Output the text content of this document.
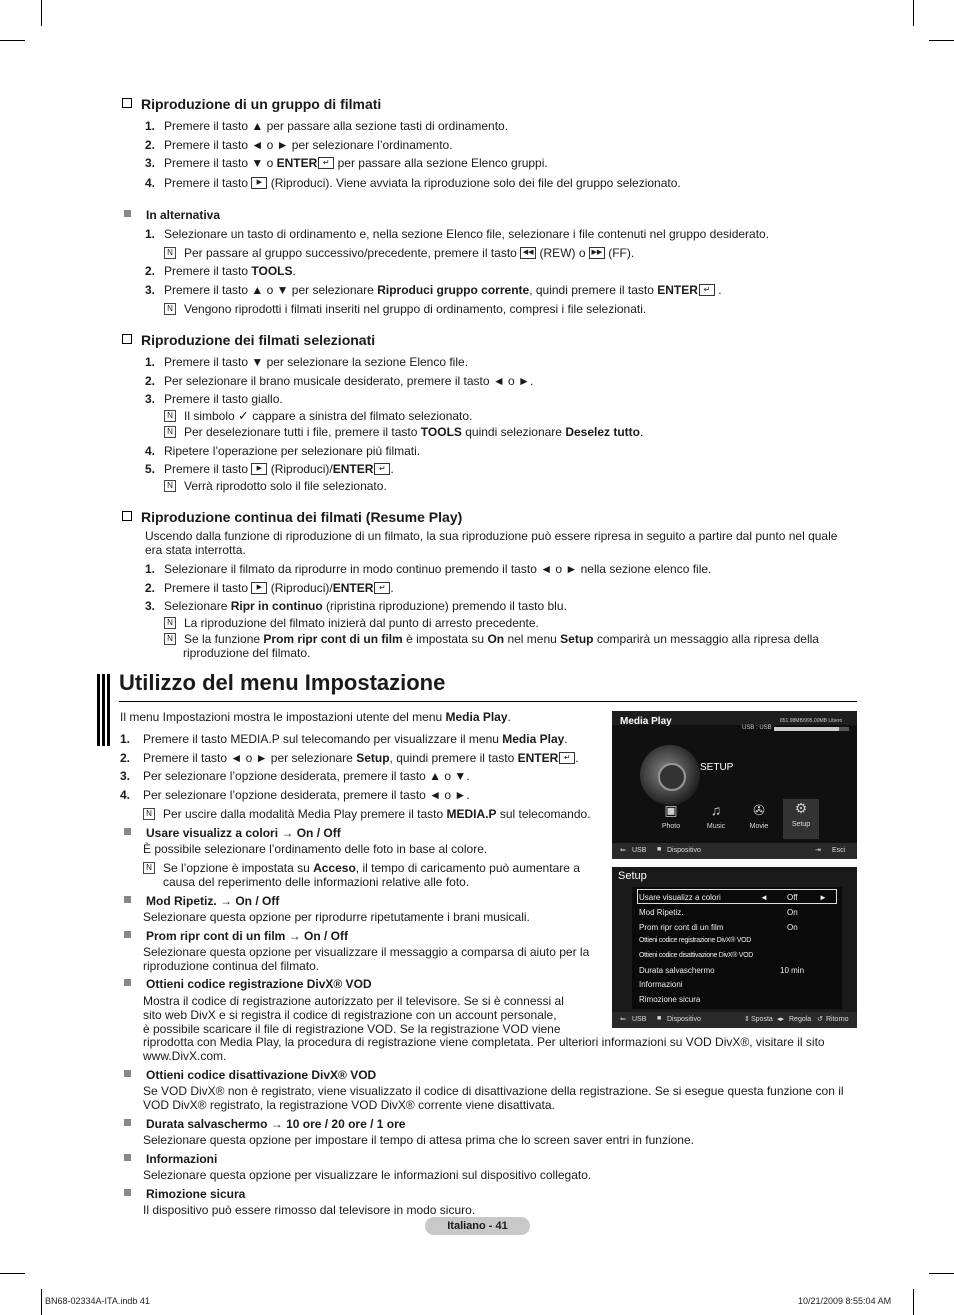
Riproduzione di un gruppo di filmati
1. Premere il tasto ▲ per passare alla sezione tasti di ordinamento.
2. Premere il tasto ◄ o ► per selezionare l’ordinamento.
3. Premere il tasto ▼ o ENTER ↵ per passare alla sezione Elenco gruppi.
4. Premere il tasto ▶ (Riproduci). Viene avviata la riproduzione solo dei file del gruppo selezionato.
In alternativa
1. Selezionare un tasto di ordinamento e, nella sezione Elenco file, selezionare i file contenuti nel gruppo desiderato.
N Per passare al gruppo successivo/precedente, premere il tasto ◀◀ (REW) o ▶▶ (FF).
2. Premere il tasto TOOLS.
3. Premere il tasto ▲ o ▼ per selezionare Riproduci gruppo corrente, quindi premere il tasto ENTER ↵ .
N Vengono riprodotti i filmati inseriti nel gruppo di ordinamento, compresi i file selezionati.
Riproduzione dei filmati selezionati
1. Premere il tasto ▼ per selezionare la sezione Elenco file.
2. Per selezionare il brano musicale desiderato, premere il tasto ◄ o ►.
3. Premere il tasto giallo.
N Il simbolo ✓ cappare a sinistra del filmato selezionato.
N Per deselezionare tutti i file, premere il tasto TOOLS quindi selezionare Deselez tutto.
4. Ripetere l’operazione per selezionare più filmati.
5. Premere il tasto ▶ (Riproduci)/ENTER ↵ .
N Verrà riprodotto solo il file selezionato.
Riproduzione continua dei filmati (Resume Play)
Uscendo dalla funzione di riproduzione di un filmato, la sua riproduzione può essere ripresa in seguito a partire dal punto nel quale
era stata interrotta.
1. Selezionare il filmato da riprodurre in modo continuo premendo il tasto ◄ o ► nella sezione elenco file.
2. Premere il tasto ▶ (Riproduci)/ENTER ↵ .
3. Selezionare Ripr in continuo (ripristina riproduzione) premendo il tasto blu.
N La riproduzione del filmato inizierà dal punto di arresto precedente.
N Se la funzione Prom ripr cont di un film è impostata su On nel menu Setup comparirà un messaggio alla ripresa della
riproduzione del filmato.
Utilizzo del menu Impostazione
Il menu Impostazioni mostra le impostazioni utente del menu Media Play.
1. Premere il tasto MEDIA.P sul telecomando per visualizzare il menu Media Play.
2. Premere il tasto ◄ o ► per selezionare Setup, quindi premere il tasto ENTER ↵ .
3. Per selezionare l’opzione desiderata, premere il tasto ▲ o ▼.
4. Per selezionare l’opzione desiderata, premere il tasto ◄ o ►.
N Per uscire dalla modalità Media Play premere il tasto MEDIA.P sul telecomando.
Usare visualizz a colori → On / Off
È possibile selezionare l’ordinamento delle foto in base al colore.
N Se l’opzione è impostata su Acceso, il tempo di caricamento può aumentare a
causa del reperimento delle informazioni relative alle foto.
Mod Ripetiz. → On / Off
Selezionare questa opzione per riprodurre ripetutamente i brani musicali.
Prom ripr cont di un film → On / Off
Selezionare questa opzione per visualizzare il messaggio a comparsa di aiuto per la
riproduzione continua del filmato.
Ottieni codice registrazione DivX® VOD
Mostra il codice di registrazione autorizzato per il televisore. Se si è connessi al
sito web DivX e si registra il codice di registrazione con un account personale,
è possibile scaricare il file di registrazione VOD. Se la registrazione VOD viene
riprodotta con Media Play, la procedura di registrazione viene completata. Per ulteriori informazioni su VOD DivX®, visitare il sito
www.DivX.com.
Ottieni codice disattivazione DivX® VOD
Se VOD DivX® non è registrato, viene visualizzato il codice di disattivazione della registrazione. Se si esegue questa funzione con il
VOD DivX® registrato, la registrazione VOD DivX® corrente viene disattivata.
Durata salvaschermo → 10 ore / 20 ore / 1 ore
Selezionare questa opzione per impostare il tempo di attesa prima che lo screen saver entri in funzione.
Informazioni
Selezionare questa opzione per visualizzare le informazioni sul dispositivo collegato.
Rimozione sicura
Il dispositivo può essere rimosso dal televisore in modo sicuro.
Media Play	851.98MB/995.00MB Libero
USB : USB
SETUP
▣
Photo
♫
Music
✇
Movie
⚙
Setup
⇐ USB ■ Dispositivo	⇥ Esci
Setup
Usare visualizz a colori	◄ Off	►
Mod Ripetiz.	On
Prom ripr cont di un film	On
Ottieni codice registrazione DivX® VOD
Ottieni codice disattivazione DivX® VOD
Durata salvaschermo	10 min
Informazioni
Rimozione sicura
⇐ USB ■ Dispositivo	⇕ Sposta ◂▸ Regola ↺ Ritorno
Italiano - 41
BN68-02334A-ITA.indb 41	10/21/2009 8:55:04 AM
